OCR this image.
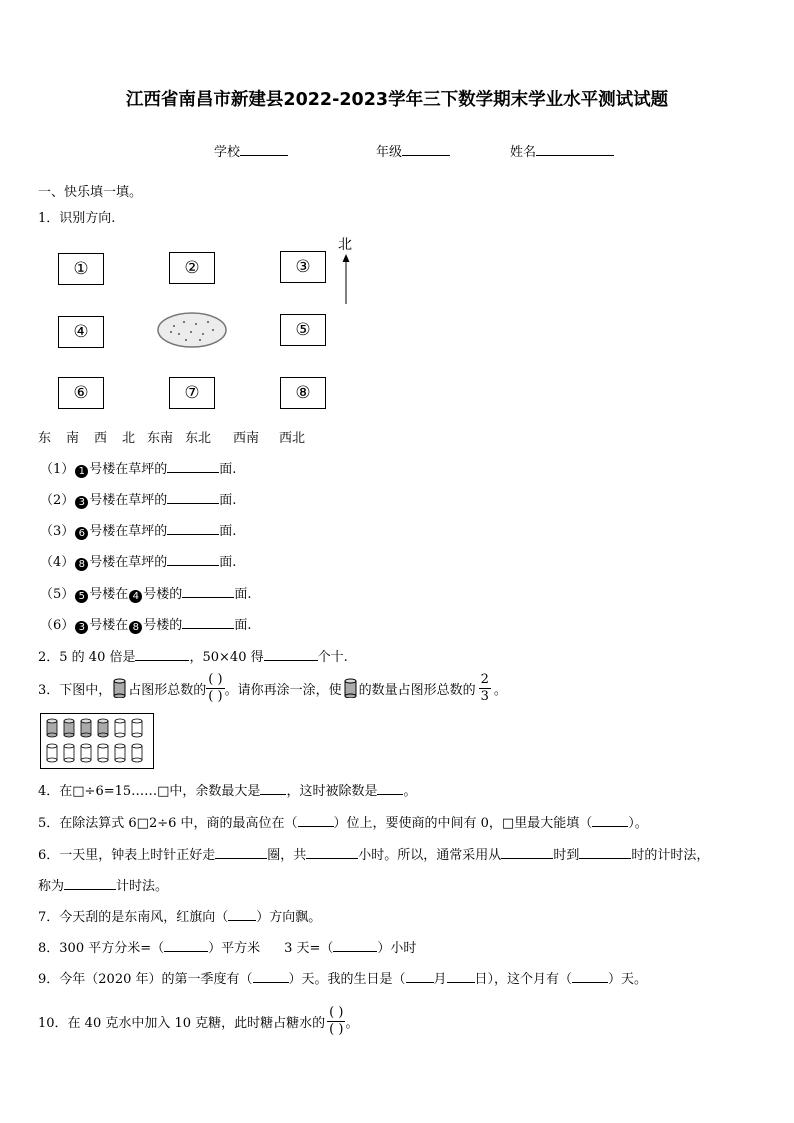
江西省南昌市新建县2022-2023学年三下数学期末学业水平测试试题
学校	年级	姓名
一、快乐填一填。
1．识别方向.
①	②	③
④	⑤
⑥	⑦	⑧
北
东 南 西 北 东南 东北 西南 西北
（1） 1 号楼在草坪的	面.
（2） 3 号楼在草坪的	面.
（3） 6 号楼在草坪的	面.
（4） 8 号楼在草坪的	面.
（5） 5 号楼在 4 号楼的	面.
（6） 3 号楼在 8 号楼的	面.
2．5 的 40 倍是	，50×40 得	个十.
3．下图中， 占图形总数的 $\frac{( )}{( )}$ 。请你再涂一涂，使 的数量占图形总数的 $\frac{2}{3}$ 。
4．在□÷6=15……□中，余数最大是 ，这时被除数是 。
5．在除法算式 6□2÷6 中，商的最高位在（	）位上，要使商的中间有 0，□里最大能填（	）。
6．一天里，钟表上时针正好走	圈，共	小时。所以，通常采用从	时到	时的计时法，
称为	计时法。
7．今天刮的是东南风，红旗向（ ）方向飘。
8．300 平方分米=（	）平方米 3 天=（	）小时
9．今年（2020 年）的第一季度有（	）天。我的生日是（ 月 日），这个月有（	）天。
10．在 40 克水中加入 10 克糖，此时糖占糖水的 $\frac{( )}{( )}$ 。
